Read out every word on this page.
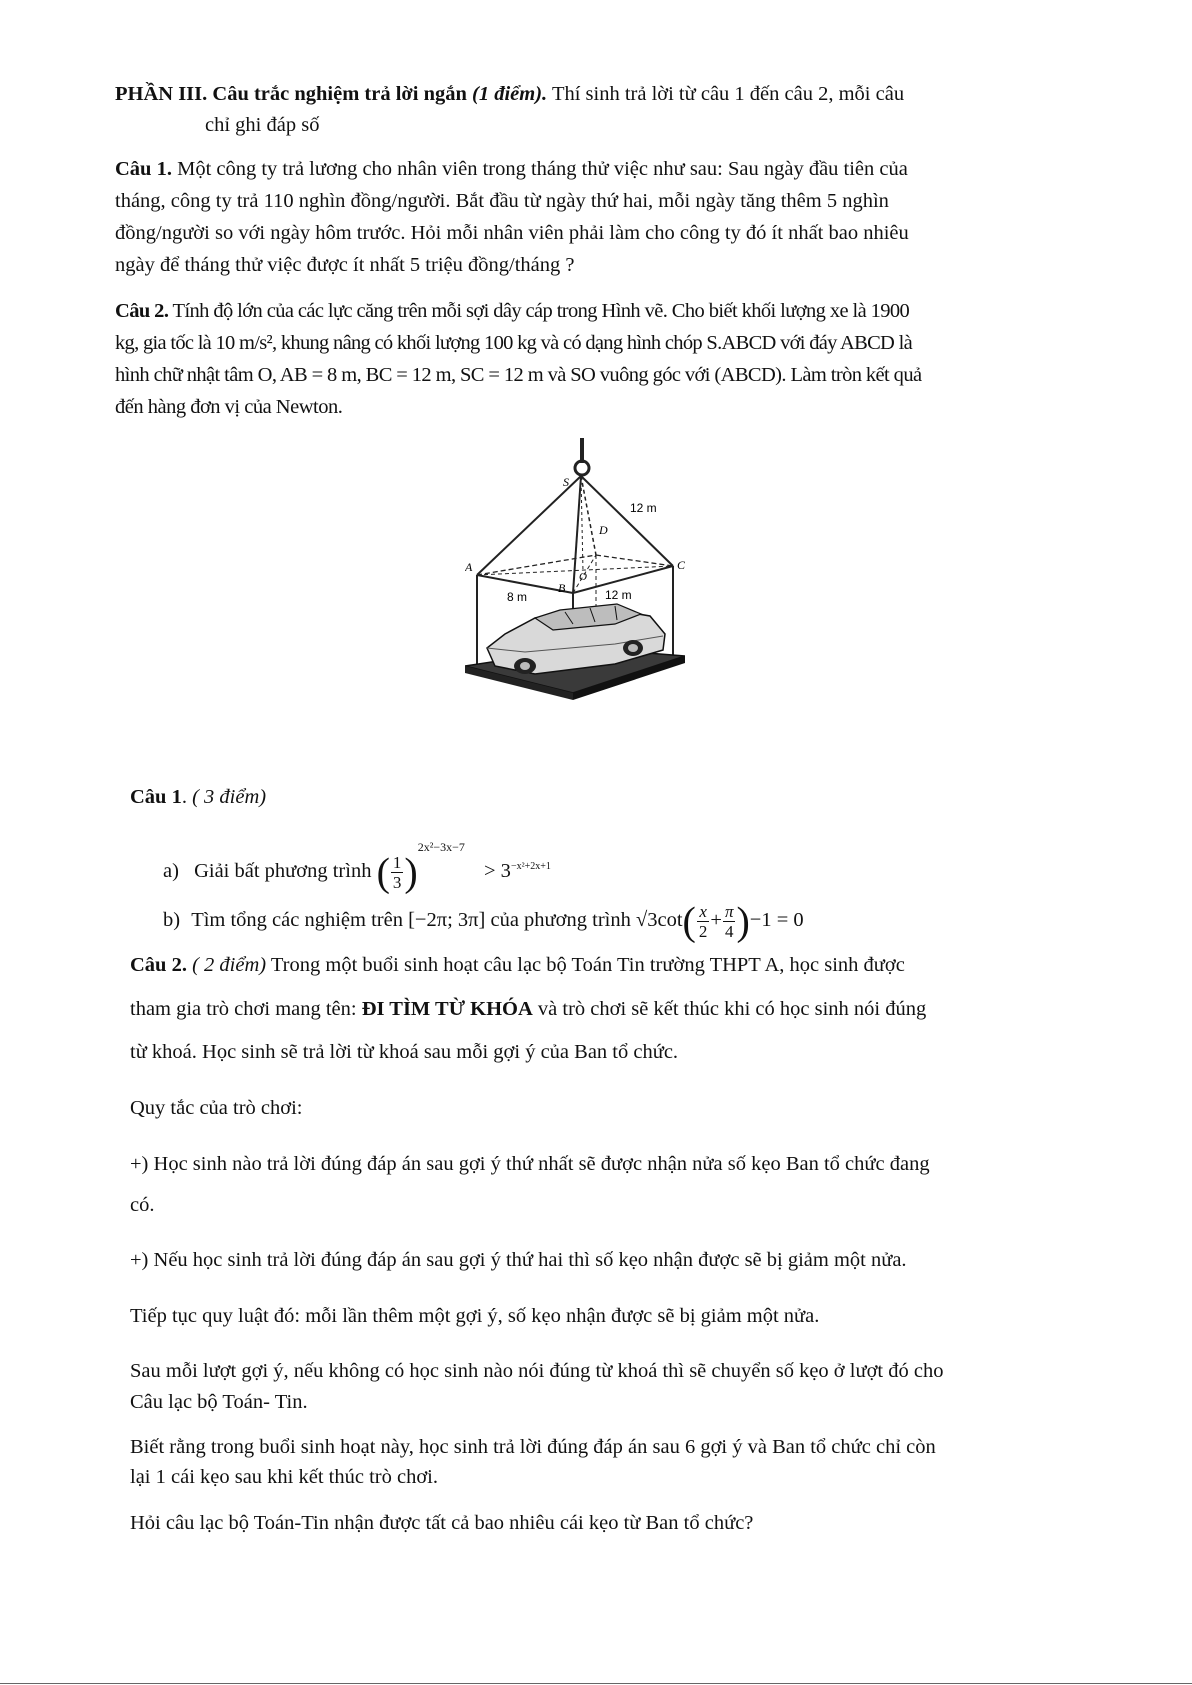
PHẦN III. Câu trắc nghiệm trả lời ngắn (1 điểm). Thí sinh trả lời từ câu 1 đến câu 2, mỗi câu

chỉ ghi đáp số

Câu 1. Một công ty trả lương cho nhân viên trong tháng thử việc như sau: Sau ngày đầu tiên của

tháng, công ty trả 110 nghìn đồng/người. Bắt đầu từ ngày thứ hai, mỗi ngày tăng thêm 5 nghìn

đồng/người so với ngày hôm trước. Hỏi mỗi nhân viên phải làm cho công ty đó ít nhất bao nhiêu

ngày để tháng thử việc được ít nhất 5 triệu đồng/tháng ?

Câu 2. Tính độ lớn của các lực căng trên mỗi sợi dây cáp trong Hình vẽ. Cho biết khối lượng xe là 1900

kg, gia tốc là 10 m/s², khung nâng có khối lượng 100 kg và có dạng hình chóp S.ABCD với đáy ABCD là

hình chữ nhật tâm O, AB = 8 m, BC = 12 m, SC = 12 m và SO vuông góc với (ABCD). Làm tròn kết quả

đến hàng đơn vị của Newton.

S
A
B
C
D
O
12 m
8 m	12 m

Câu 1. ( 3 điểm)

a) Giải bất phương trình ( $\frac{1}{3} )^{2x^2-3x-7} > 3^{-x^2+2x+1}$
b) Tìm tổng các nghiệm trên [−2π; 3π] của phương trình $√3\cot( \frac{x}{2} + \frac{\pi}{4} )-1 = 0$

Câu 2. ( 2 điểm) Trong một buổi sinh hoạt câu lạc bộ Toán Tin trường THPT A, học sinh được

tham gia trò chơi mang tên: ĐI TÌM TỪ KHÓA và trò chơi sẽ kết thúc khi có học sinh nói đúng

từ khoá. Học sinh sẽ trả lời từ khoá sau mỗi gợi ý của Ban tổ chức.

Quy tắc của trò chơi:

+) Học sinh nào trả lời đúng đáp án sau gợi ý thứ nhất sẽ được nhận nửa số kẹo Ban tổ chức đang

có.

+) Nếu học sinh trả lời đúng đáp án sau gợi ý thứ hai thì số kẹo nhận được sẽ bị giảm một nửa.

Tiếp tục quy luật đó: mỗi lần thêm một gợi ý, số kẹo nhận được sẽ bị giảm một nửa.

Sau mỗi lượt gợi ý, nếu không có học sinh nào nói đúng từ khoá thì sẽ chuyển số kẹo ở lượt đó cho

Câu lạc bộ Toán- Tin.

Biết rằng trong buổi sinh hoạt này, học sinh trả lời đúng đáp án sau 6 gợi ý và Ban tổ chức chỉ còn

lại 1 cái kẹo sau khi kết thúc trò chơi.

Hỏi câu lạc bộ Toán-Tin nhận được tất cả bao nhiêu cái kẹo từ Ban tổ chức?
